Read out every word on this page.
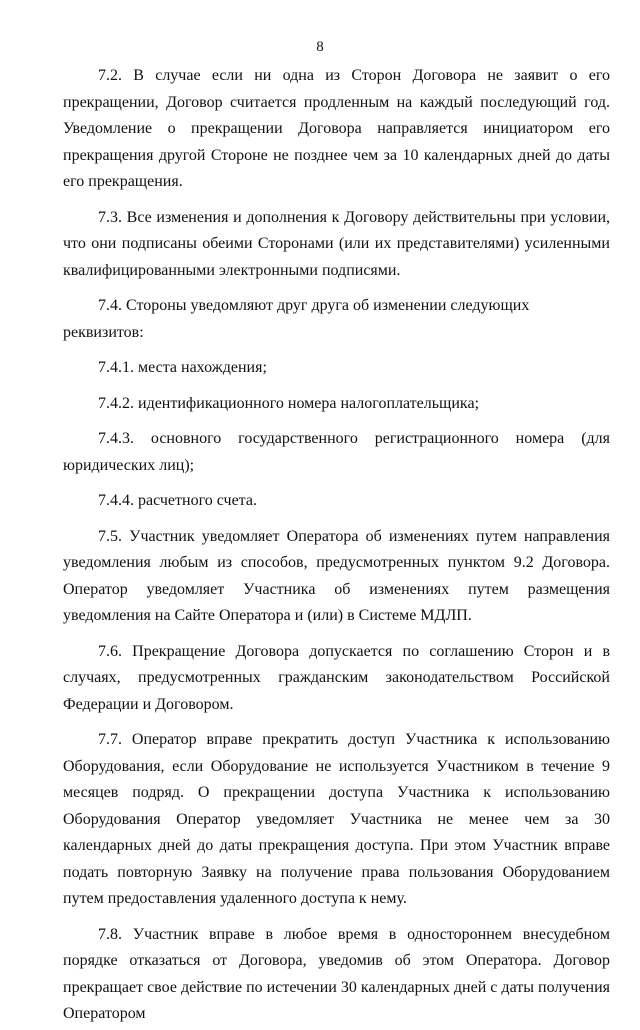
8

7.2. В случае если ни одна из Сторон Договора не заявит о его прекращении, Договор считается продленным на каждый последующий год. Уведомление о прекращении Договора направляется инициатором его прекращения другой Стороне не позднее чем за 10 календарных дней до даты его прекращения.

7.3. Все изменения и дополнения к Договору действительны при условии, что они подписаны обеими Сторонами (или их представителями) усиленными квалифицированными электронными подписями.

7.4. Стороны уведомляют друг друга об изменении следующих реквизитов:

7.4.1. места нахождения;

7.4.2. идентификационного номера налогоплательщика;

7.4.3. основного государственного регистрационного номера (для юридических лиц);

7.4.4. расчетного счета.

7.5. Участник уведомляет Оператора об изменениях путем направления уведомления любым из способов, предусмотренных пунктом 9.2 Договора. Оператор уведомляет Участника об изменениях путем размещения уведомления на Сайте Оператора и (или) в Системе МДЛП.

7.6. Прекращение Договора допускается по соглашению Сторон и в случаях, предусмотренных гражданским законодательством Российской Федерации и Договором.

7.7. Оператор вправе прекратить доступ Участника к использованию Оборудования, если Оборудование не используется Участником в течение 9 месяцев подряд. О прекращении доступа Участника к использованию Оборудования Оператор уведомляет Участника не менее чем за 30 календарных дней до даты прекращения доступа. При этом Участник вправе подать повторную Заявку на получение права пользования Оборудованием путем предоставления удаленного доступа к нему.

7.8. Участник вправе в любое время в одностороннем внесудебном порядке отказаться от Договора, уведомив об этом Оператора. Договор прекращает свое действие по истечении 30 календарных дней с даты получения Оператором
